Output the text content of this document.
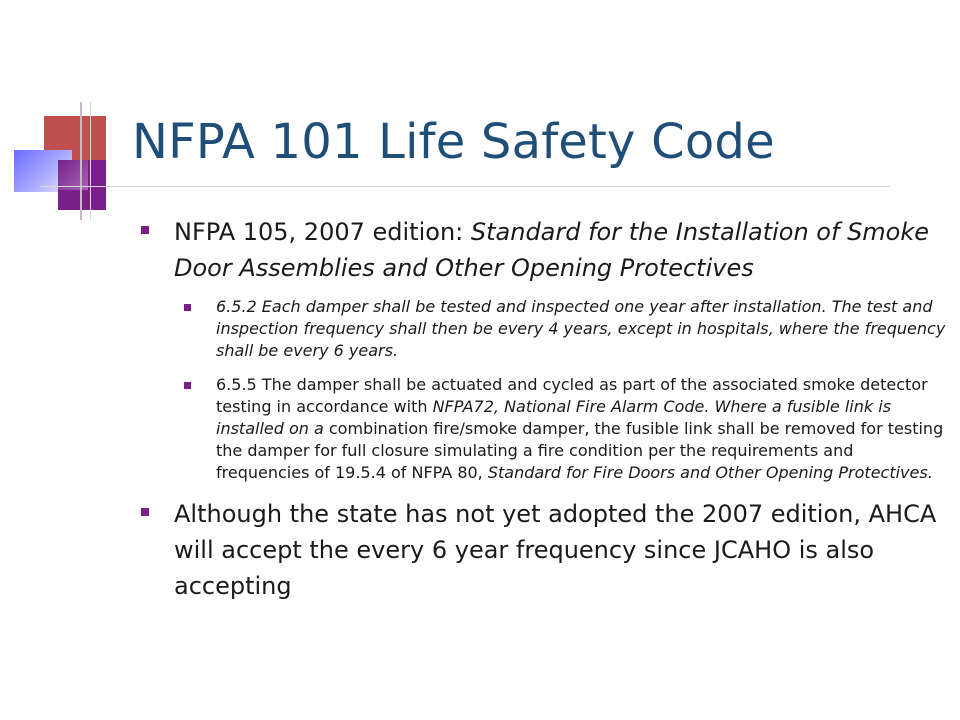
NFPA 101 Life Safety Code
NFPA 105, 2007 edition: Standard for the Installation of Smoke Door Assemblies and Other Opening Protectives
6.5.2 Each damper shall be tested and inspected one year after installation. The test and inspection frequency shall then be every 4 years, except in hospitals, where the frequency shall be every 6 years.
6.5.5 The damper shall be actuated and cycled as part of the associated smoke detector testing in accordance with NFPA72, National Fire Alarm Code. Where a fusible link is installed on a combination fire/smoke damper, the fusible link shall be removed for testing the damper for full closure simulating a fire condition per the requirements and frequencies of 19.5.4 of NFPA 80, Standard for Fire Doors and Other Opening Protectives.
Although the state has not yet adopted the 2007 edition, AHCA will accept the every 6 year frequency since JCAHO is also accepting
